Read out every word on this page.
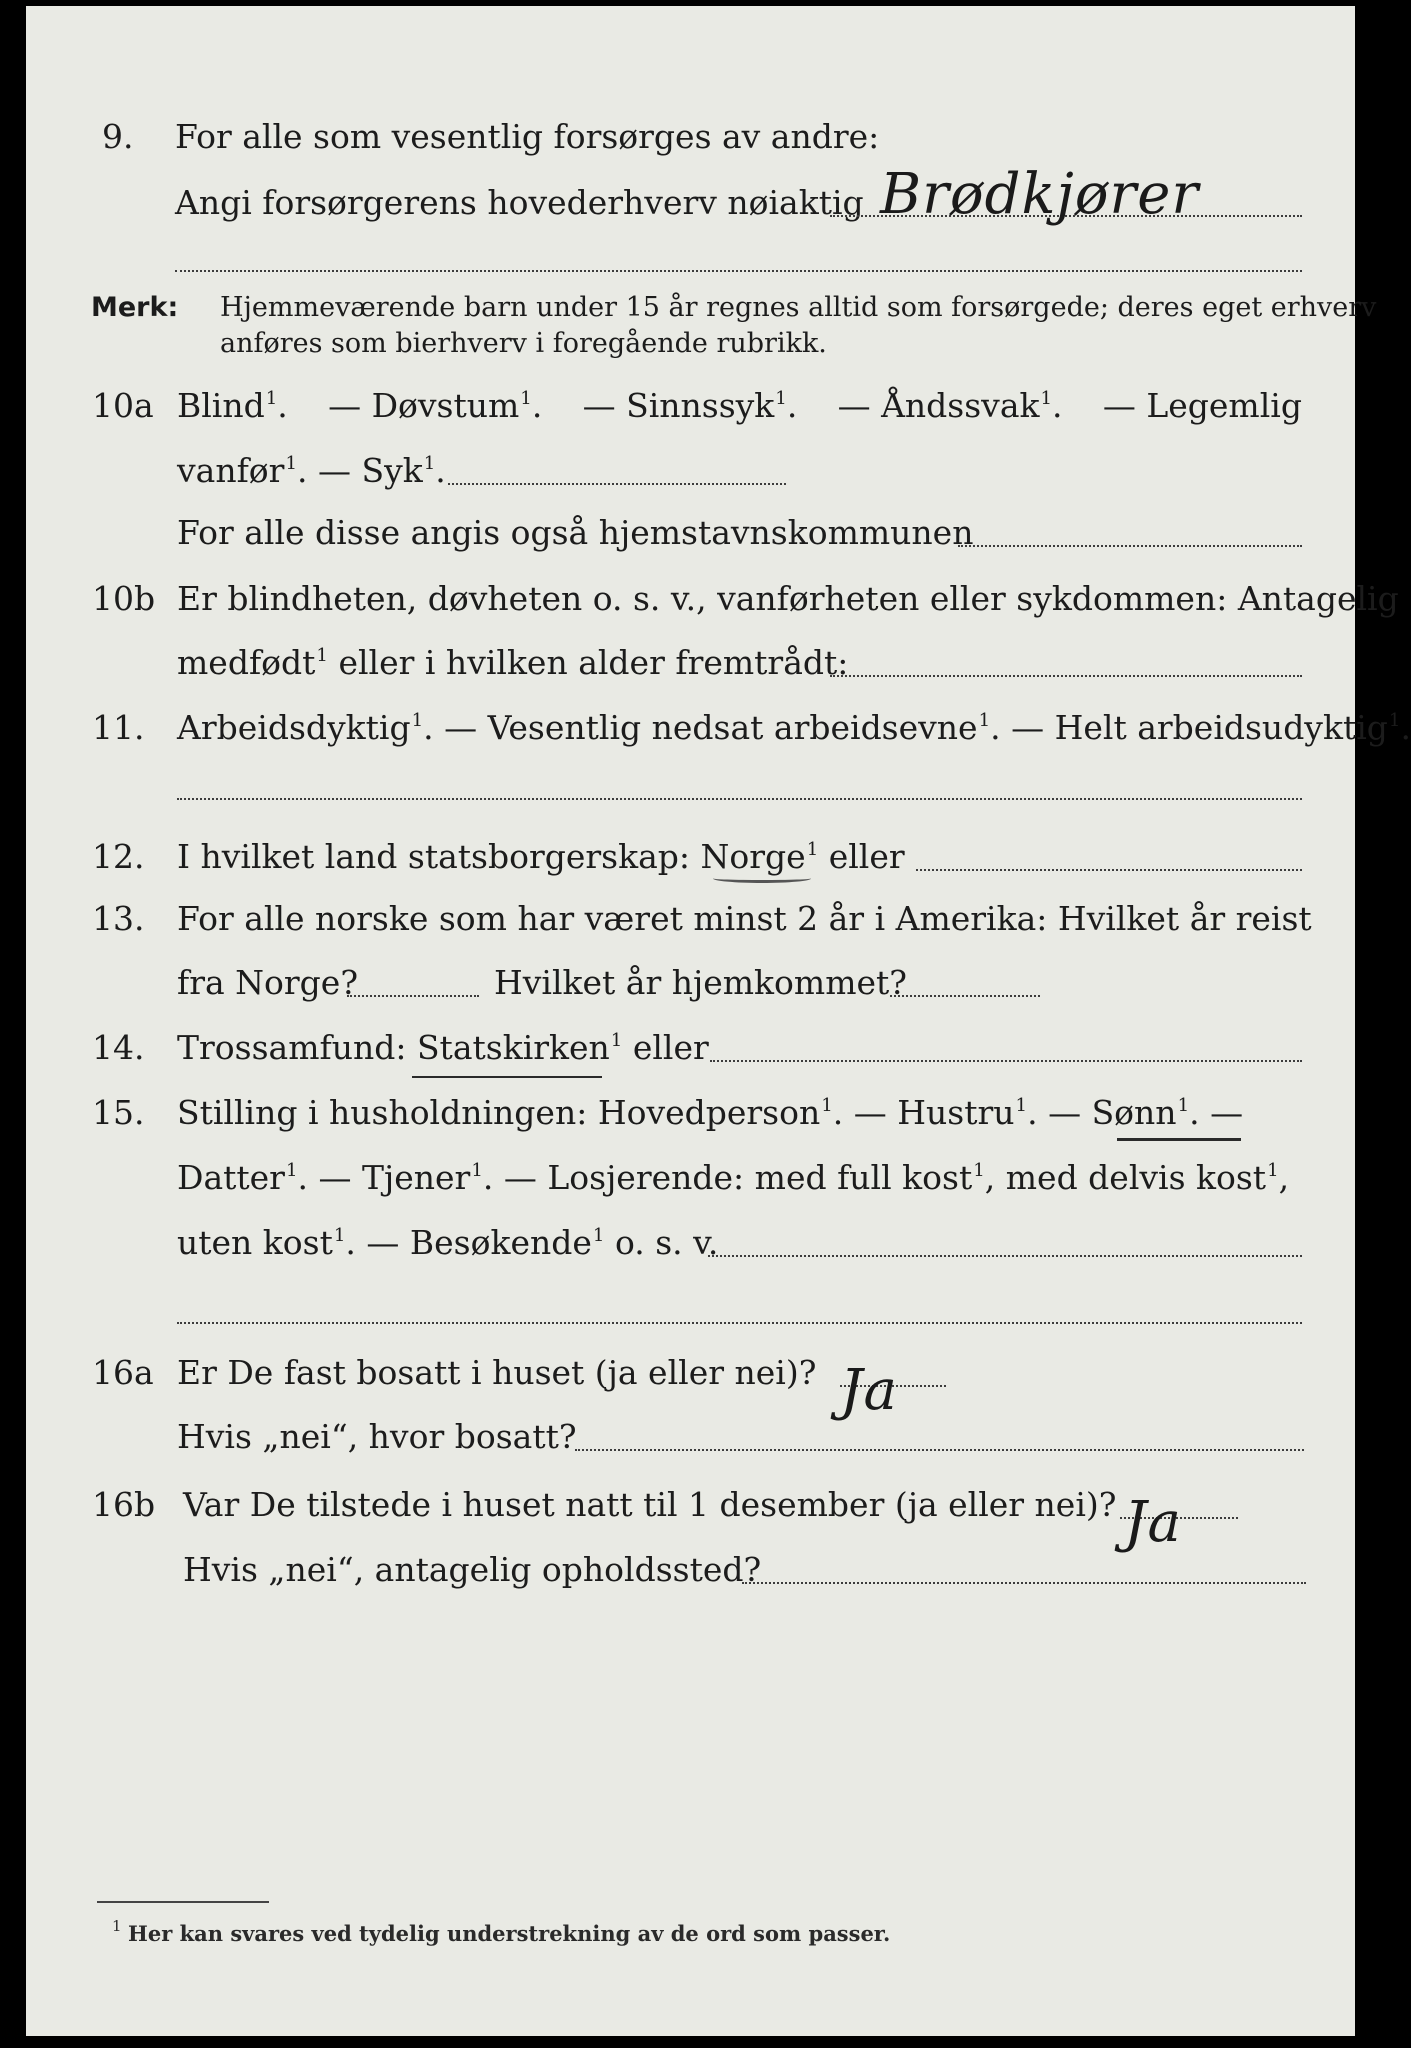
9. For alle som vesentlig forsørges av andre:
Angi forsørgerens hovederhverv nøiaktig Brødkjører
Merk: Hjemmeværende barn under 15 år regnes alltid som forsørgede; deres eget erhverv
anføres som bierhverv i foregående rubrikk.
10a Blind$^1$. — Døvstum$^1$. — Sinnssyk$^1$. — Åndssvak$^1$. — Legemlig
vanfør$^1$. — Syk$^1$.
For alle disse angis også hjemstavnskommunen
10b Er blindheten, døvheten o. s. v., vanførheten eller sykdommen: Antagelig
medfødt$^1$ eller i hvilken alder fremtrådt:
11. Arbeidsdyktig$^1$. — Vesentlig nedsat arbeidsevne$^1$. — Helt arbeidsudyktig$^1$.
12. I hvilket land statsborgerskap: Norge$^1$ eller
13. For alle norske som har været minst 2 år i Amerika: Hvilket år reist
fra Norge?	Hvilket år hjemkommet?
14. Trossamfund: Statskirken$^1$ eller
15. Stilling i husholdningen: Hovedperson$^1$. — Hustru$^1$. — Sønn$^1$. —
Datter$^1$. — Tjener$^1$. — Losjerende: med full kost$^1$, med delvis kost$^1$,
uten kost$^1$. — Besøkende$^1$ o. s. v.
16a Er De fast bosatt i huset (ja eller nei)? Ja
Hvis „nei“, hvor bosatt?
16b Var De tilstede i huset natt til 1 desember (ja eller nei)? Ja
Hvis „nei“, antagelig opholdssted?
1 Her kan svares ved tydelig understrekning av de ord som passer.
